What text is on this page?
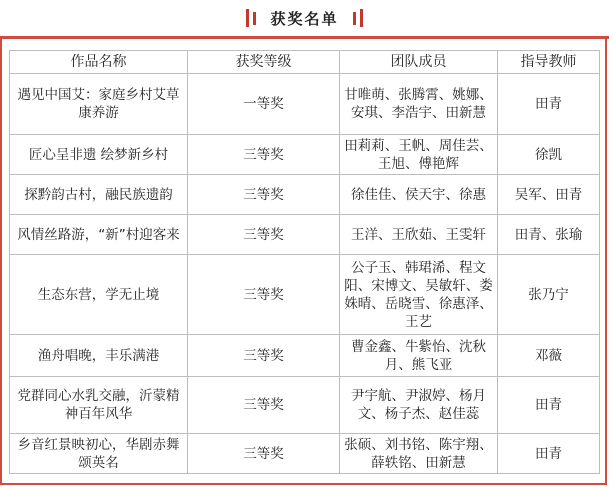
获奖名单
作品名称	获奖等级	团队成员	指导教师
遇见中国艾：家庭乡村艾草康养游	一等奖	甘唯萌、张腾霄、姚娜、安琪、李浩宇、田新慧	田青
匠心呈非遗 绘梦新乡村	三等奖	田莉莉、王帆、周佳芸、王旭、傅艳辉	徐凯
探黔韵古村，融民族遗韵	三等奖	徐佳佳、侯天宇、徐惠	吴军、田青
风情丝路游，“新”村迎客来	三等奖	王洋、王欣茹、王雯轩	田青、张瑜
生态东营，学无止境	三等奖	公子玉、韩珺浠、程文阳、宋博文、吴敏轩、娄姝晴、岳晓雪、徐惠泽、王艺	张乃宁
渔舟唱晚，丰乐满港	三等奖	曹金鑫、牛紫怡、沈秋月、熊飞亚	邓薇
党群同心水乳交融，沂蒙精神百年风华	三等奖	尹宇航、尹淑婷、杨月文、杨子杰、赵佳蕊	田青
乡音红景映初心，华剧赤舞颂英名	三等奖	张硕、刘书铭、陈宇翔、薛轶铭、田新慧	田青
